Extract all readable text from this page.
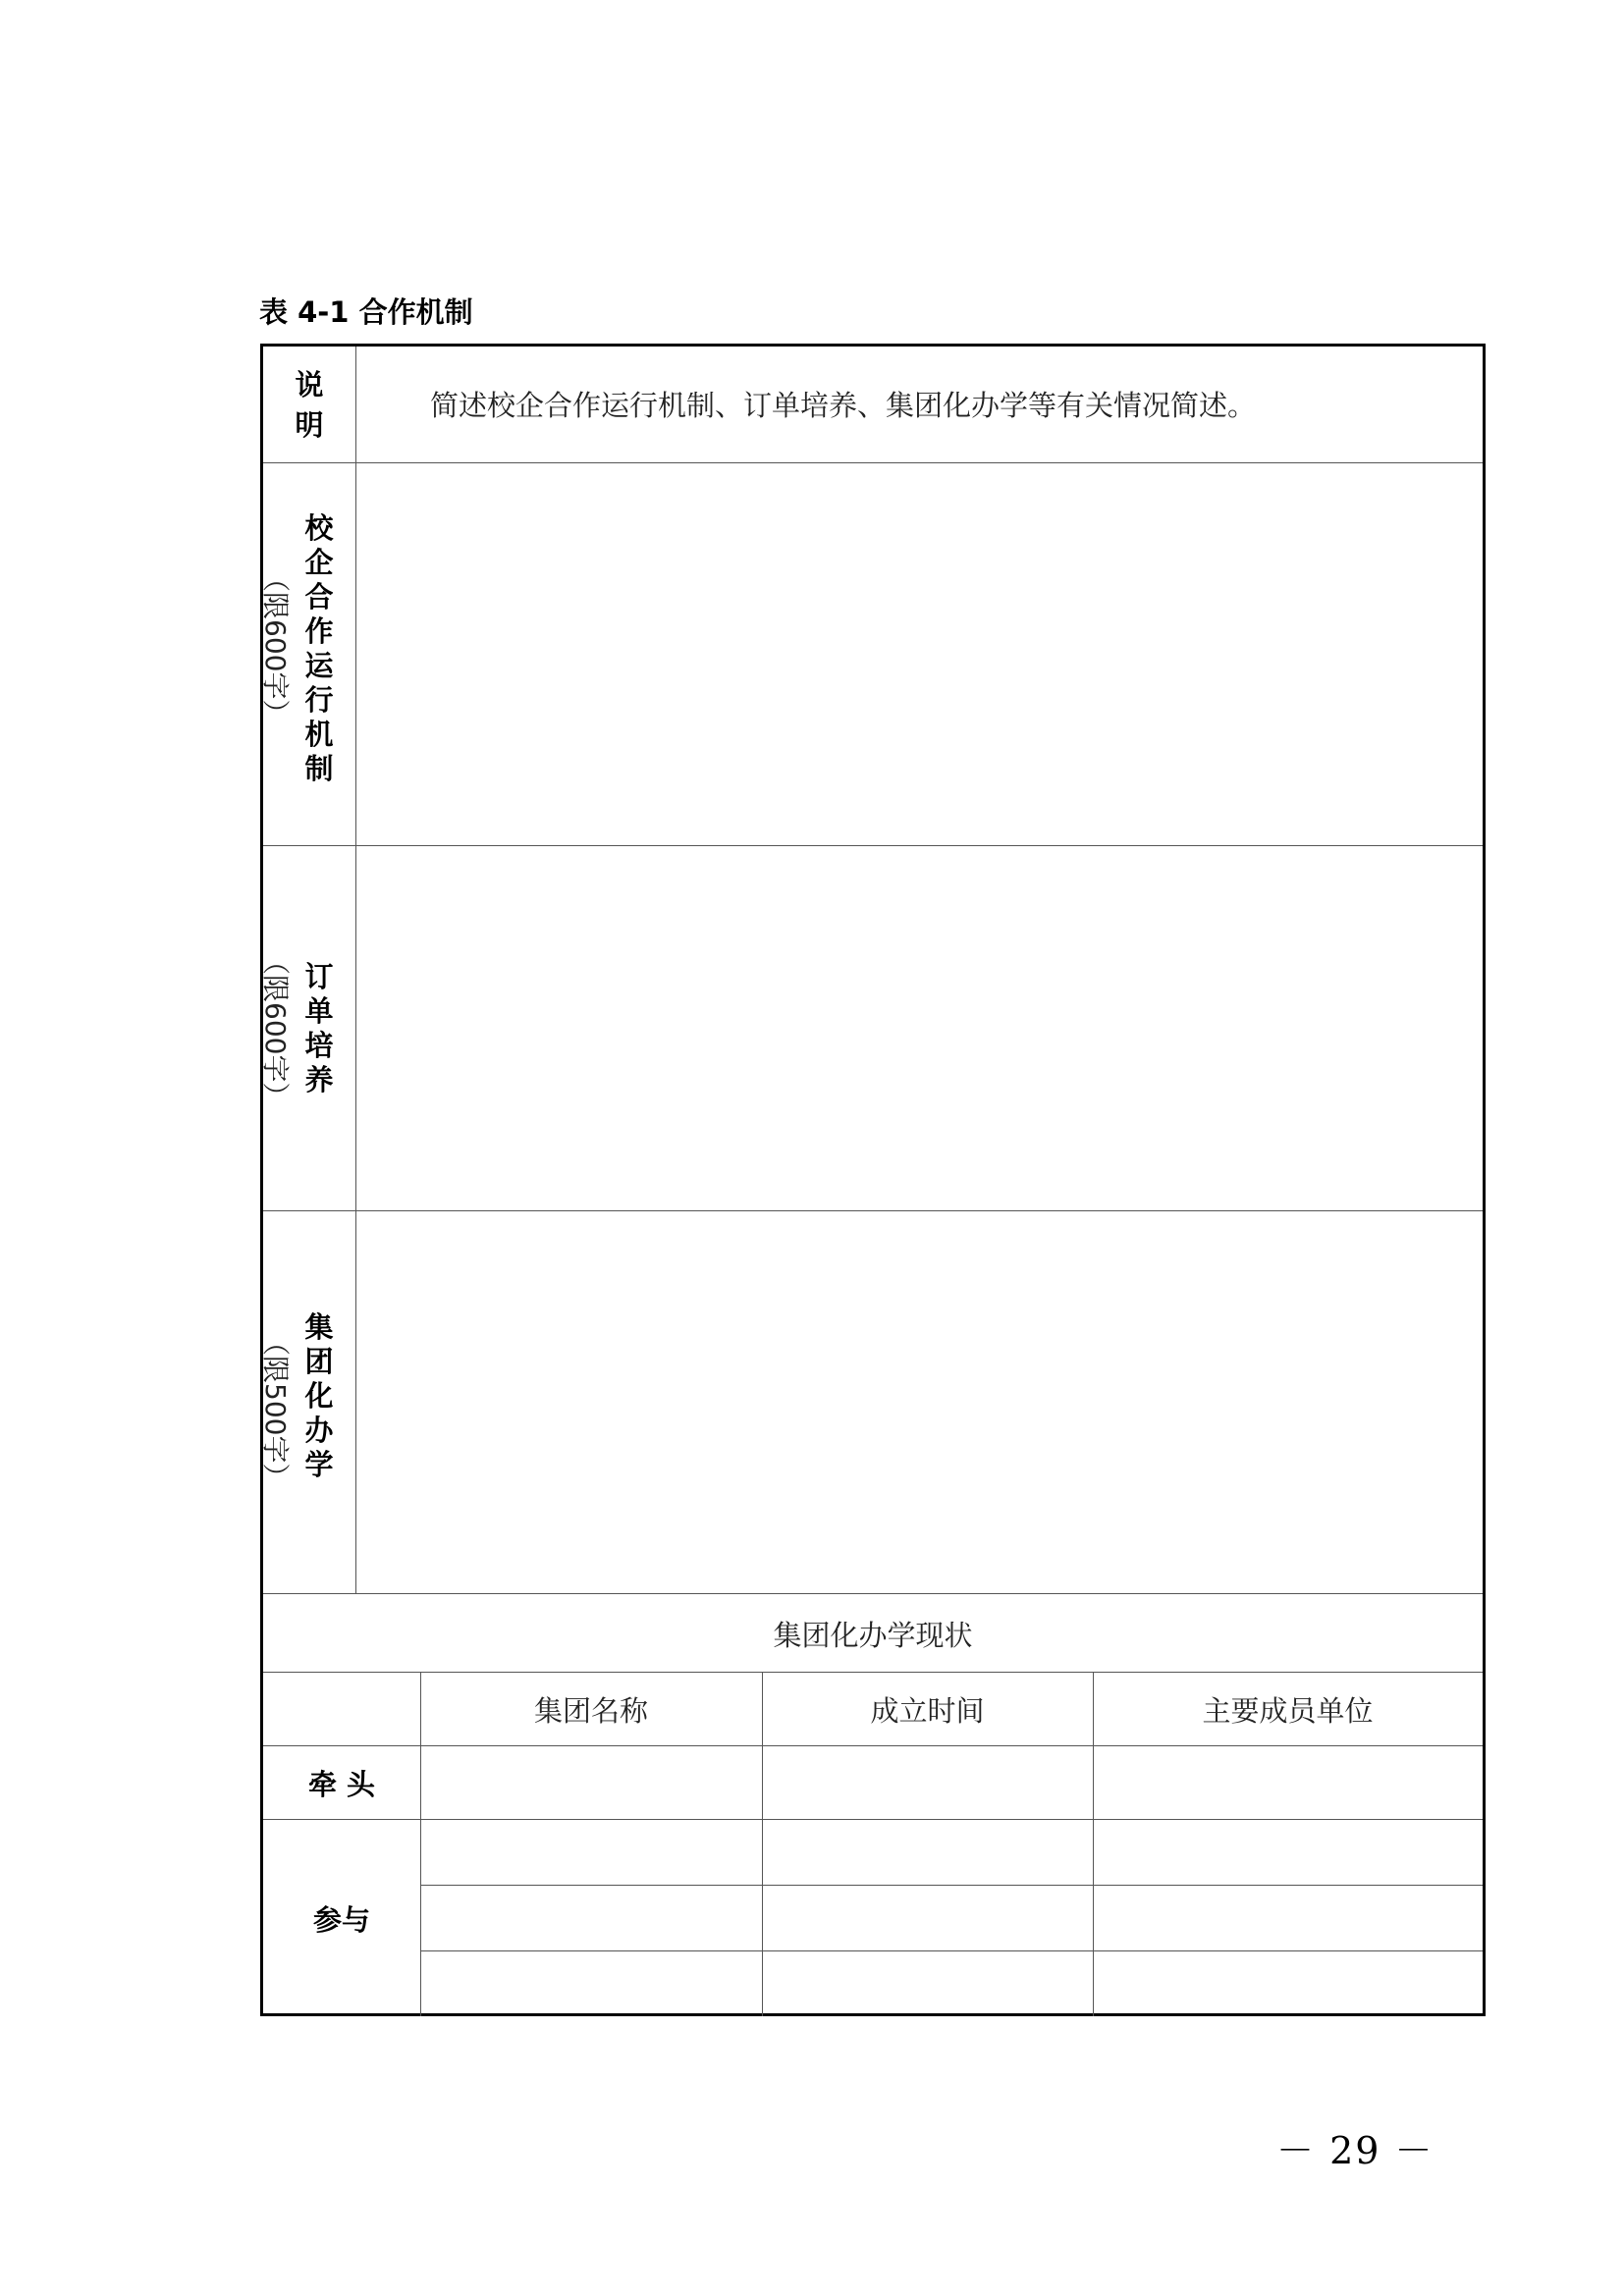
表 4-1 合作机制
说
明
简述校企合作运行机制、订单培养、集团化办学等有关情况简述。
校
企
合
作
运
行
机
制
（限600字）
订
单
培
养
（限600字）
集
团
化
办
学
（限500字）
集团化办学现状
集团名称	成立时间	主要成员单位
牵 头
参与
－ 29 －
